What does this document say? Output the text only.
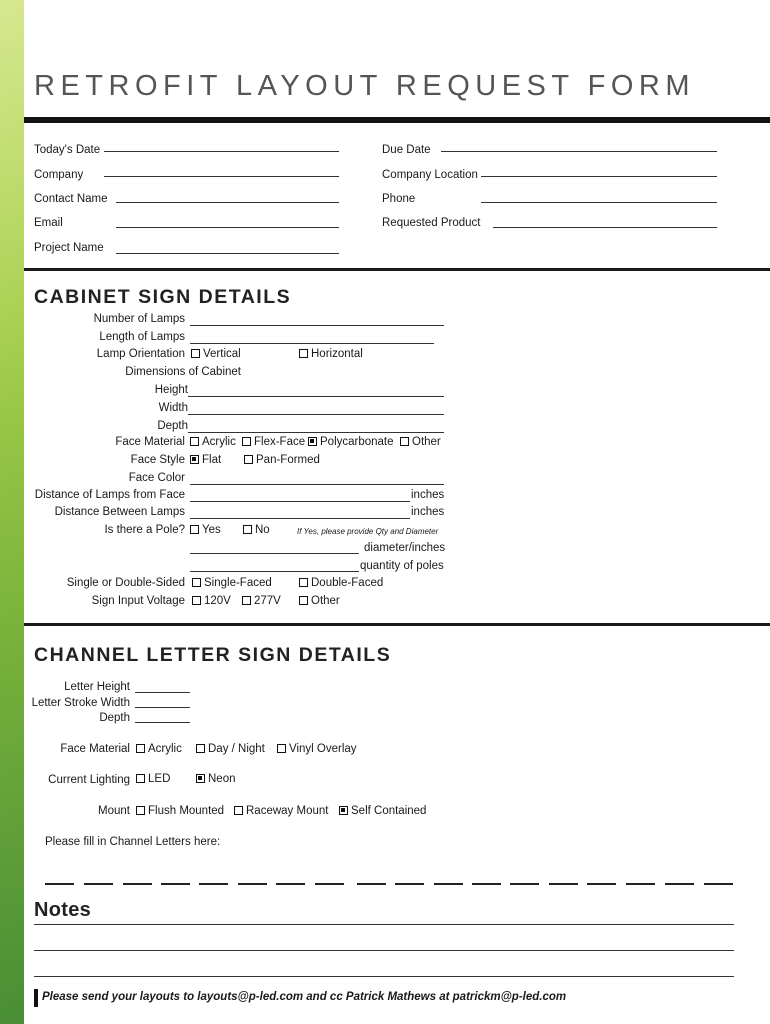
RETROFIT LAYOUT REQUEST FORM
Today's Date
Company
Contact Name
Email
Project Name
Due Date
Company Location
Phone
Requested Product
CABINET SIGN DETAILS
Number of Lamps
Length of Lamps
Lamp Orientation	Vertical	Horizontal
Dimensions of Cabinet
Height
Width
Depth
Face Material	Acrylic	Flex-Face	Polycarbonate	Other
Face Style	Flat	Pan-Formed
Face Color
Distance of Lamps from Face	inches
Distance Between Lamps	inches
Is there a Pole?	Yes	No	If Yes, please provide Qty and Diameter
diameter/inches
quantity of poles
Single or Double-Sided	Single-Faced	Double-Faced
Sign Input Voltage	120V	277V	Other
CHANNEL LETTER SIGN DETAILS
Letter Height
Letter Stroke Width
Depth
Face Material	Acrylic	Day / Night	Vinyl Overlay
Current Lighting	LED	Neon
Mount	Flush Mounted	Raceway Mount	Self Contained
Please fill in Channel Letters here:
Notes
Please send your layouts to layouts@p-led.com and cc Patrick Mathews at patrickm@p-led.com
